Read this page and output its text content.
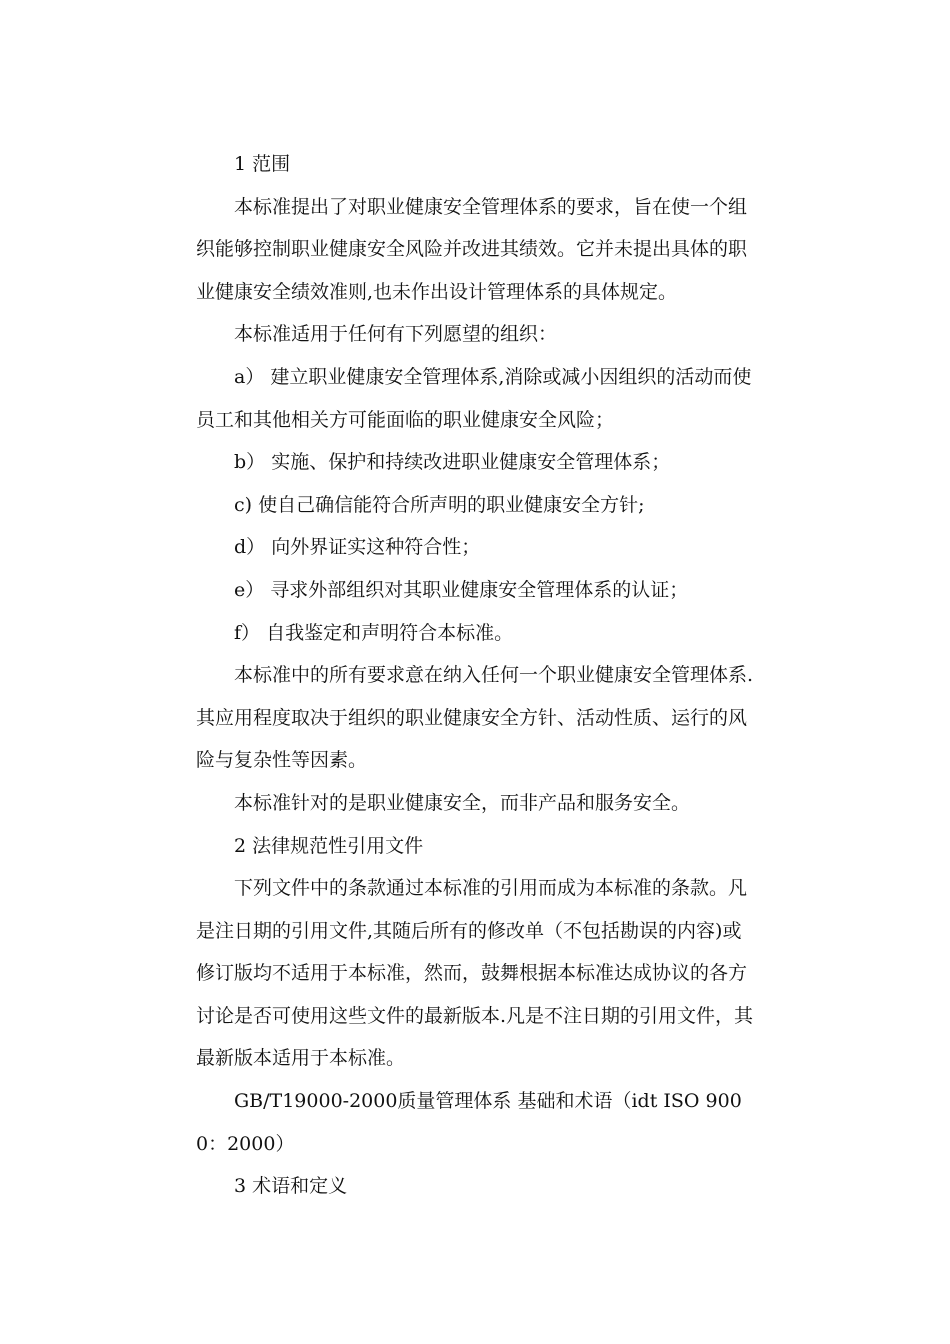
1 范围

本标准提出了对职业健康安全管理体系的要求，旨在使一个组织能够控制职业健康安全风险并改进其绩效。它并未提出具体的职业健康安全绩效准则,也未作出设计管理体系的具体规定。

本标准适用于任何有下列愿望的组织：

a） 建立职业健康安全管理体系,消除或减小因组织的活动而使员工和其他相关方可能面临的职业健康安全风险；

b） 实施、保护和持续改进职业健康安全管理体系；

c) 使自己确信能符合所声明的职业健康安全方针;

d） 向外界证实这种符合性；

e） 寻求外部组织对其职业健康安全管理体系的认证；

f） 自我鉴定和声明符合本标准。

本标准中的所有要求意在纳入任何一个职业健康安全管理体系.其应用程度取决于组织的职业健康安全方针、活动性质、运行的风险与复杂性等因素。

本标准针对的是职业健康安全，而非产品和服务安全。

2 法律规范性引用文件

下列文件中的条款通过本标准的引用而成为本标准的条款。凡是注日期的引用文件,其随后所有的修改单（不包括勘误的内容)或修订版均不适用于本标准，然而，鼓舞根据本标准达成协议的各方讨论是否可使用这些文件的最新版本.凡是不注日期的引用文件，其最新版本适用于本标准。

GB/T19000-2000质量管理体系 基础和术语（idt ISO 9000：2000）

3 术语和定义
